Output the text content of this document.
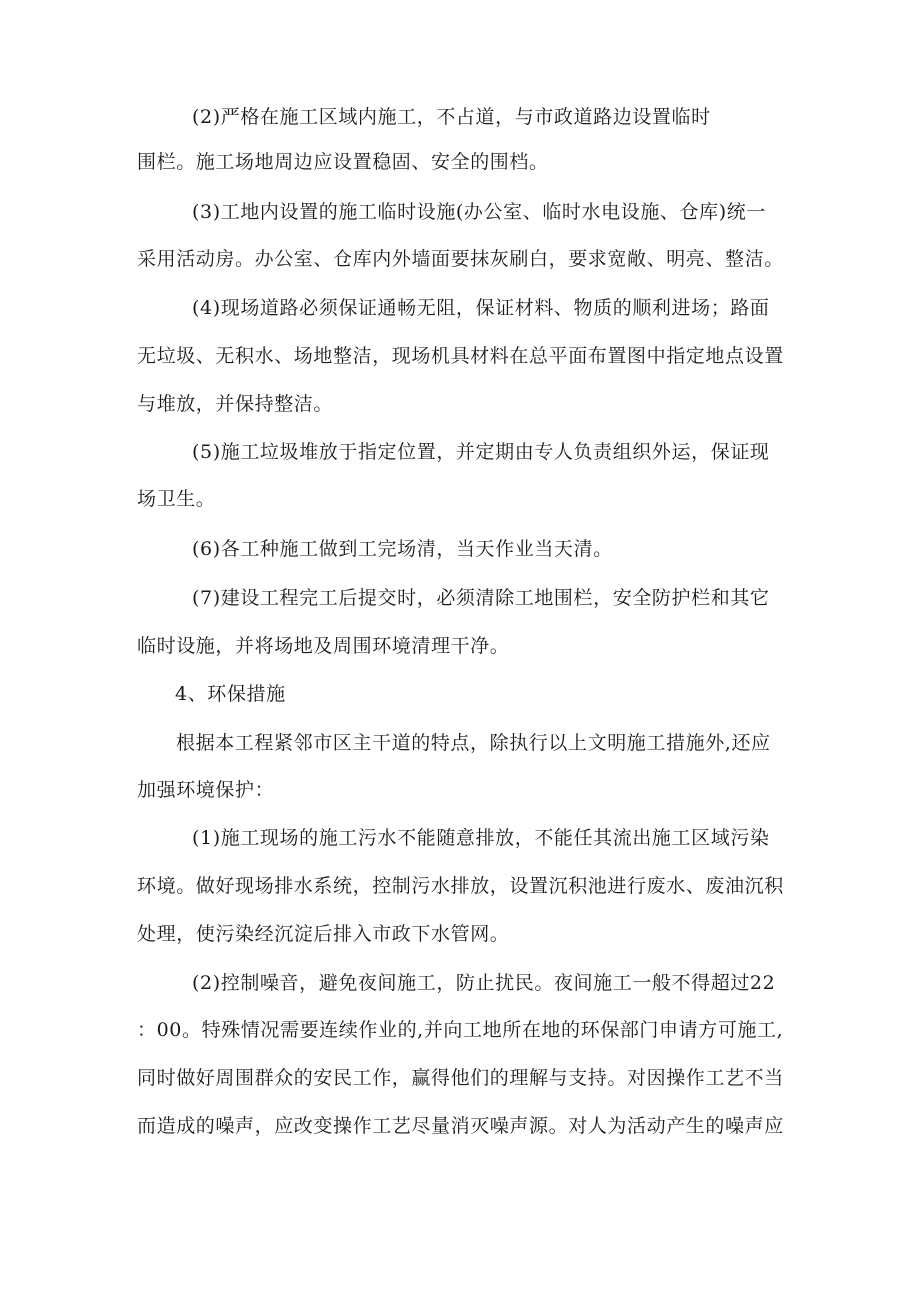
(2)严格在施工区域内施工，不占道，与市政道路边设置临时
围栏。施工场地周边应设置稳固、安全的围档。
(3)工地内设置的施工临时设施(办公室、临时水电设施、仓库)统一
采用活动房。办公室、仓库内外墙面要抹灰刷白，要求宽敞、明亮、整洁。
(4)现场道路必须保证通畅无阻，保证材料、物质的顺利进场；路面
无垃圾、无积水、场地整洁，现场机具材料在总平面布置图中指定地点设置
与堆放，并保持整洁。
(5)施工垃圾堆放于指定位置，并定期由专人负责组织外运，保证现
场卫生。
(6)各工种施工做到工完场清，当天作业当天清。
(7)建设工程完工后提交时，必须清除工地围栏，安全防护栏和其它
临时设施，并将场地及周围环境清理干净。
4、环保措施
根据本工程紧邻市区主干道的特点，除执行以上文明施工措施外,还应
加强环境保护：
(1)施工现场的施工污水不能随意排放，不能任其流出施工区域污染
环境。做好现场排水系统，控制污水排放，设置沉积池进行废水、废油沉积
处理，使污染经沉淀后排入市政下水管网。
(2)控制噪音，避免夜间施工，防止扰民。夜间施工一般不得超过22
：00。特殊情况需要连续作业的,并向工地所在地的环保部门申请方可施工,
同时做好周围群众的安民工作，赢得他们的理解与支持。对因操作工艺不当
而造成的噪声，应改变操作工艺尽量消灭噪声源。对人为活动产生的噪声应
